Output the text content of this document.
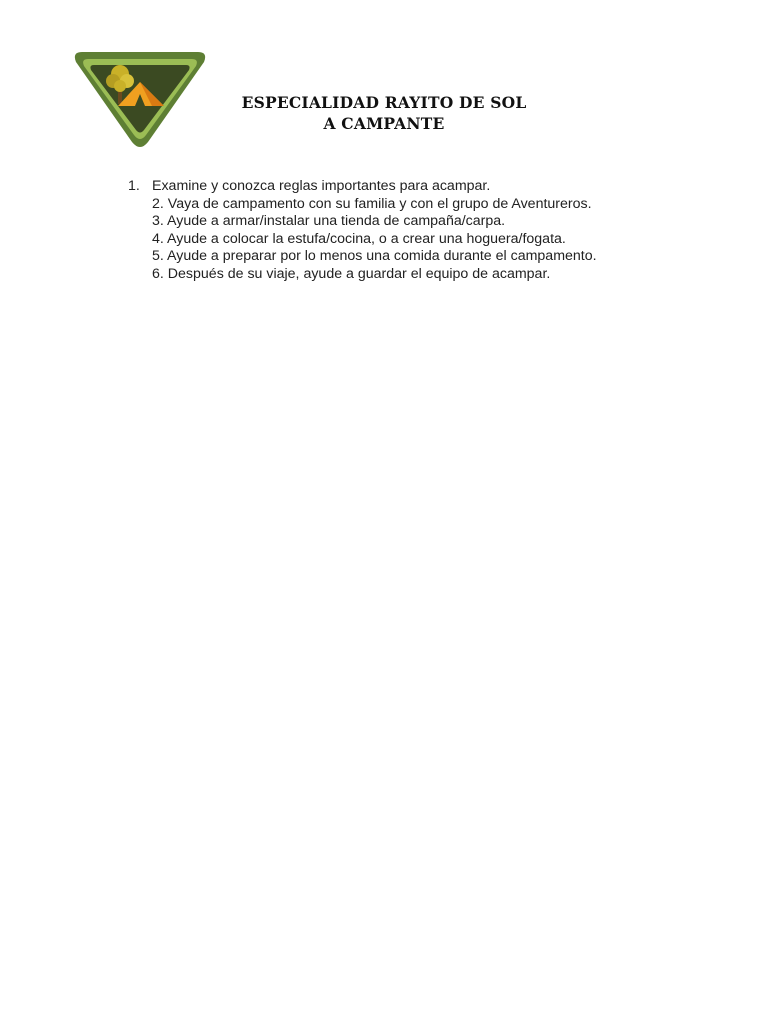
ESPECIALIDAD RAYITO DE SOL
A CAMPANTE
1. Examine y conozca reglas importantes para acampar.
2. Vaya de campamento con su familia y con el grupo de Aventureros.
3. Ayude a armar/instalar una tienda de campaña/carpa.
4. Ayude a colocar la estufa/cocina, o a crear una hoguera/fogata.
5. Ayude a preparar por lo menos una comida durante el campamento.
6. Después de su viaje, ayude a guardar el equipo de acampar.
